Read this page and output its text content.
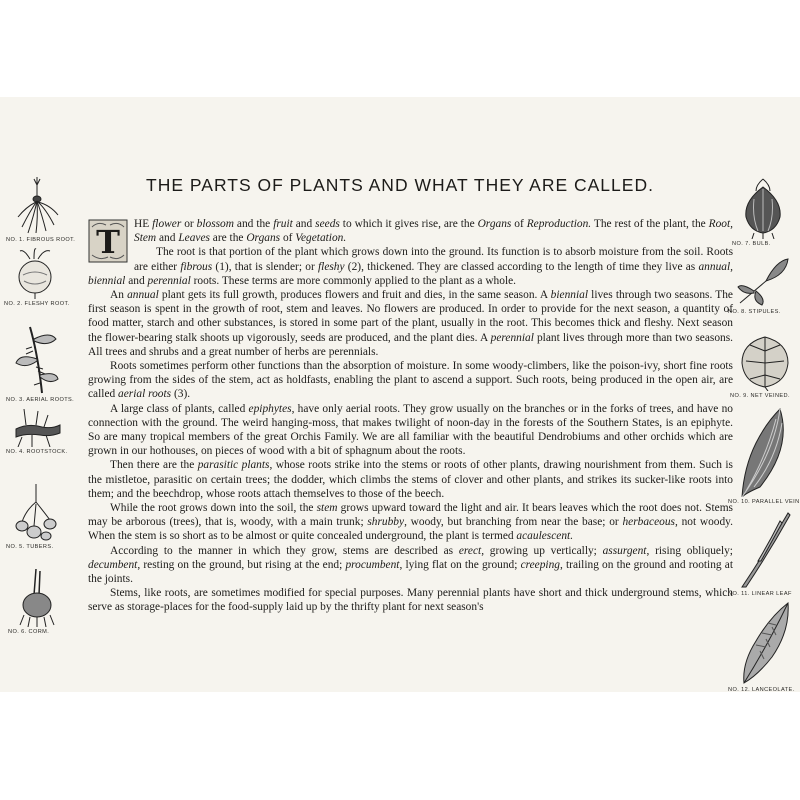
THE PARTS OF PLANTS AND WHAT THEY ARE CALLED.
NO. 1. FIBROUS ROOT.
NO. 2. FLESHY ROOT.
NO. 3. AERIAL ROOTS.
NO. 4. ROOTSTOCK.
NO. 5. TUBERS.
NO. 6. CORM.
NO. 7. BULB.
NO. 8. STIPULES.
NO. 9. NET VEINED.
NO. 10. PARALLEL VEIN
NO. 11. LINEAR LEAF
NO. 12. LANCEOLATE.
T	HE flower or blossom and the fruit and seeds to which it gives rise, are the Organs of Reproduction. The rest of the plant, the Root, Stem and Leaves are the Organs of Vegetation.

The root is that portion of the plant which grows down into the ground. Its function is to absorb moisture from the soil. Roots are either fibrous (1), that is slender; or fleshy (2), thickened. They are classed according to the length of time they live as annual, biennial and perennial roots. These terms are more commonly applied to the plant as a whole.

An annual plant gets its full growth, produces flowers and fruit and dies, in the same season. A biennial lives through two seasons. The first season is spent in the growth of root, stem and leaves. No flowers are produced. In order to provide for the next season, a quantity of food matter, starch and other substances, is stored in some part of the plant, usually in the root. This becomes thick and fleshy. Next season the flower-bearing stalk shoots up vigorously, seeds are produced, and the plant dies. A perennial plant lives through more than two seasons. All trees and shrubs and a great number of herbs are perennials.

Roots sometimes perform other functions than the absorption of moisture. In some woody-climbers, like the poison-ivy, short fine roots growing from the sides of the stem, act as holdfasts, enabling the plant to ascend a support. Such roots, being produced in the open air, are called aerial roots (3).

A large class of plants, called epiphytes, have only aerial roots. They grow usually on the branches or in the forks of trees, and have no connection with the ground. The weird hanging-moss, that makes twilight of noon-day in the forests of the Southern States, is an epiphyte. So are many tropical members of the great Orchis Family. We are all familiar with the beautiful Dendrobiums and other orchids which are grown in our hothouses, on pieces of wood with a bit of sphagnum about the roots.

Then there are the parasitic plants, whose roots strike into the stems or roots of other plants, drawing nourishment from them. Such is the mistletoe, parasitic on certain trees; the dodder, which climbs the stems of clover and other plants, and strikes its sucker-like roots into them; and the beechdrop, whose roots attach themselves to those of the beech.

While the root grows down into the soil, the stem grows upward toward the light and air. It bears leaves which the root does not. Stems may be arborous (trees), that is, woody, with a main trunk; shrubby, woody, but branching from near the base; or herbaceous, not woody. When the stem is so short as to be almost or quite concealed underground, the plant is termed acaulescent.

According to the manner in which they grow, stems are described as erect, growing up vertically; assurgent, rising obliquely; decumbent, resting on the ground, but rising at the end; procumbent, lying flat on the ground; creeping, trailing on the ground and rooting at the joints.

Stems, like roots, are sometimes modified for special purposes. Many perennial plants have short and thick underground stems, which serve as storage-places for the food-supply laid up by the thrifty plant for next season's
